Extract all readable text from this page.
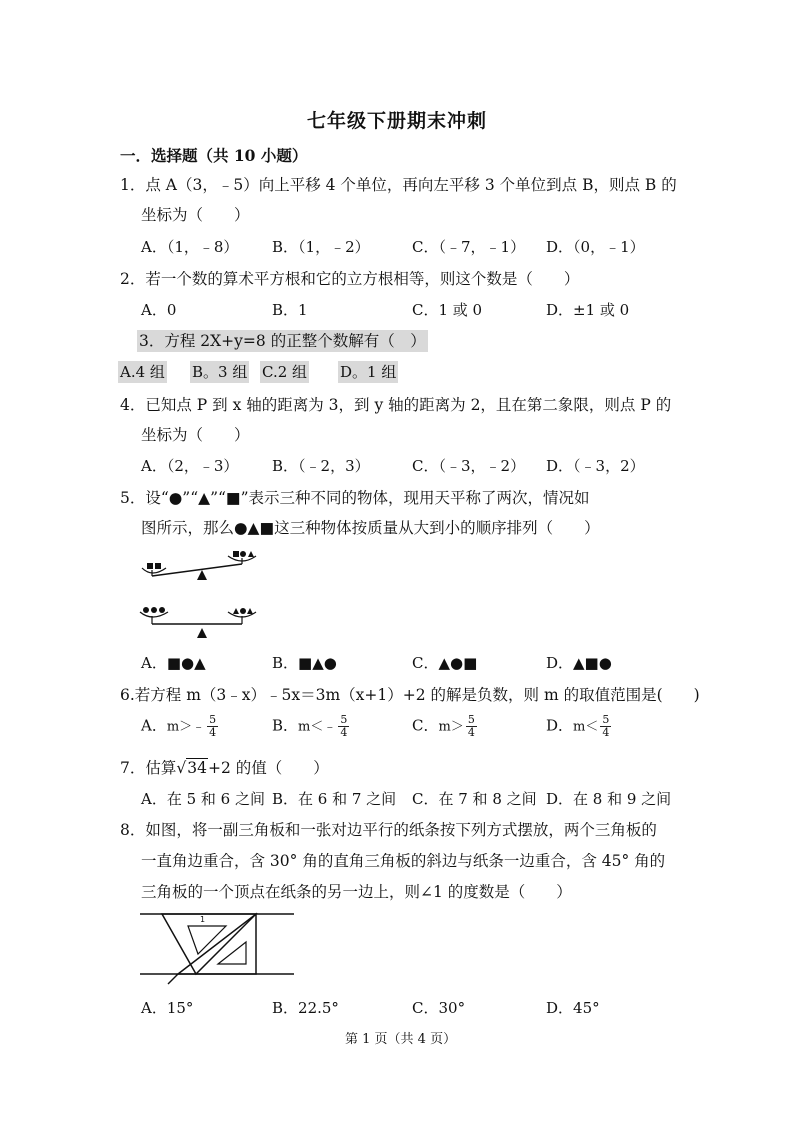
七年级下册期末冲刺
一．选择题（共 10 小题）
1．点 A（3，﹣5）向上平移 4 个单位，再向左平移 3 个单位到点 B，则点 B 的
坐标为（　　）
A．（1，﹣8） B．（1，﹣2）	C．（﹣7，﹣1） D．（0，﹣1）
2．若一个数的算术平方根和它的立方根相等，则这个数是（　　）
A．0	B．1	C．1 或 0	D．±1 或 0
3．方程 2X+y=8 的正整个数解有（　）
A.4 组 B。3 组 C.2 组 D。1 组
4．已知点 P 到 x 轴的距离为 3，到 y 轴的距离为 2，且在第二象限，则点 P 的
坐标为（　　）
A．（2，﹣3） B．（﹣2，3）	C．（﹣3，﹣2） D．（﹣3，2）
5．设“●”“▲”“■”表示三种不同的物体，现用天平称了两次，情况如
图所示，那么●▲■这三种物体按质量从大到小的顺序排列（　　）
A．■●▲	B．■▲●	C．▲●■	D．▲■●
6.若方程 m（3﹣x）﹣5x＝3m（x+1）+2 的解是负数，则 m 的取值范围是(　　)
A．m＞﹣ $\frac{5}{4}$	B．m＜﹣ $\frac{5}{4}$	C．$m> \frac{5}{4}$	D．$m< \frac{5}{4}$
7．估算√34+2 的值（　　）
A．在 5 和 6 之间 B．在 6 和 7 之间 C．在 7 和 8 之间 D．在 8 和 9 之间
8．如图，将一副三角板和一张对边平行的纸条按下列方式摆放，两个三角板的
一直角边重合，含 30° 角的直角三角板的斜边与纸条一边重合，含 45° 角的
三角板的一个顶点在纸条的另一边上，则∠1 的度数是（　　）
1
A．15°	B．22.5°	C．30°	D．45°
第 1 页（共 4 页）
